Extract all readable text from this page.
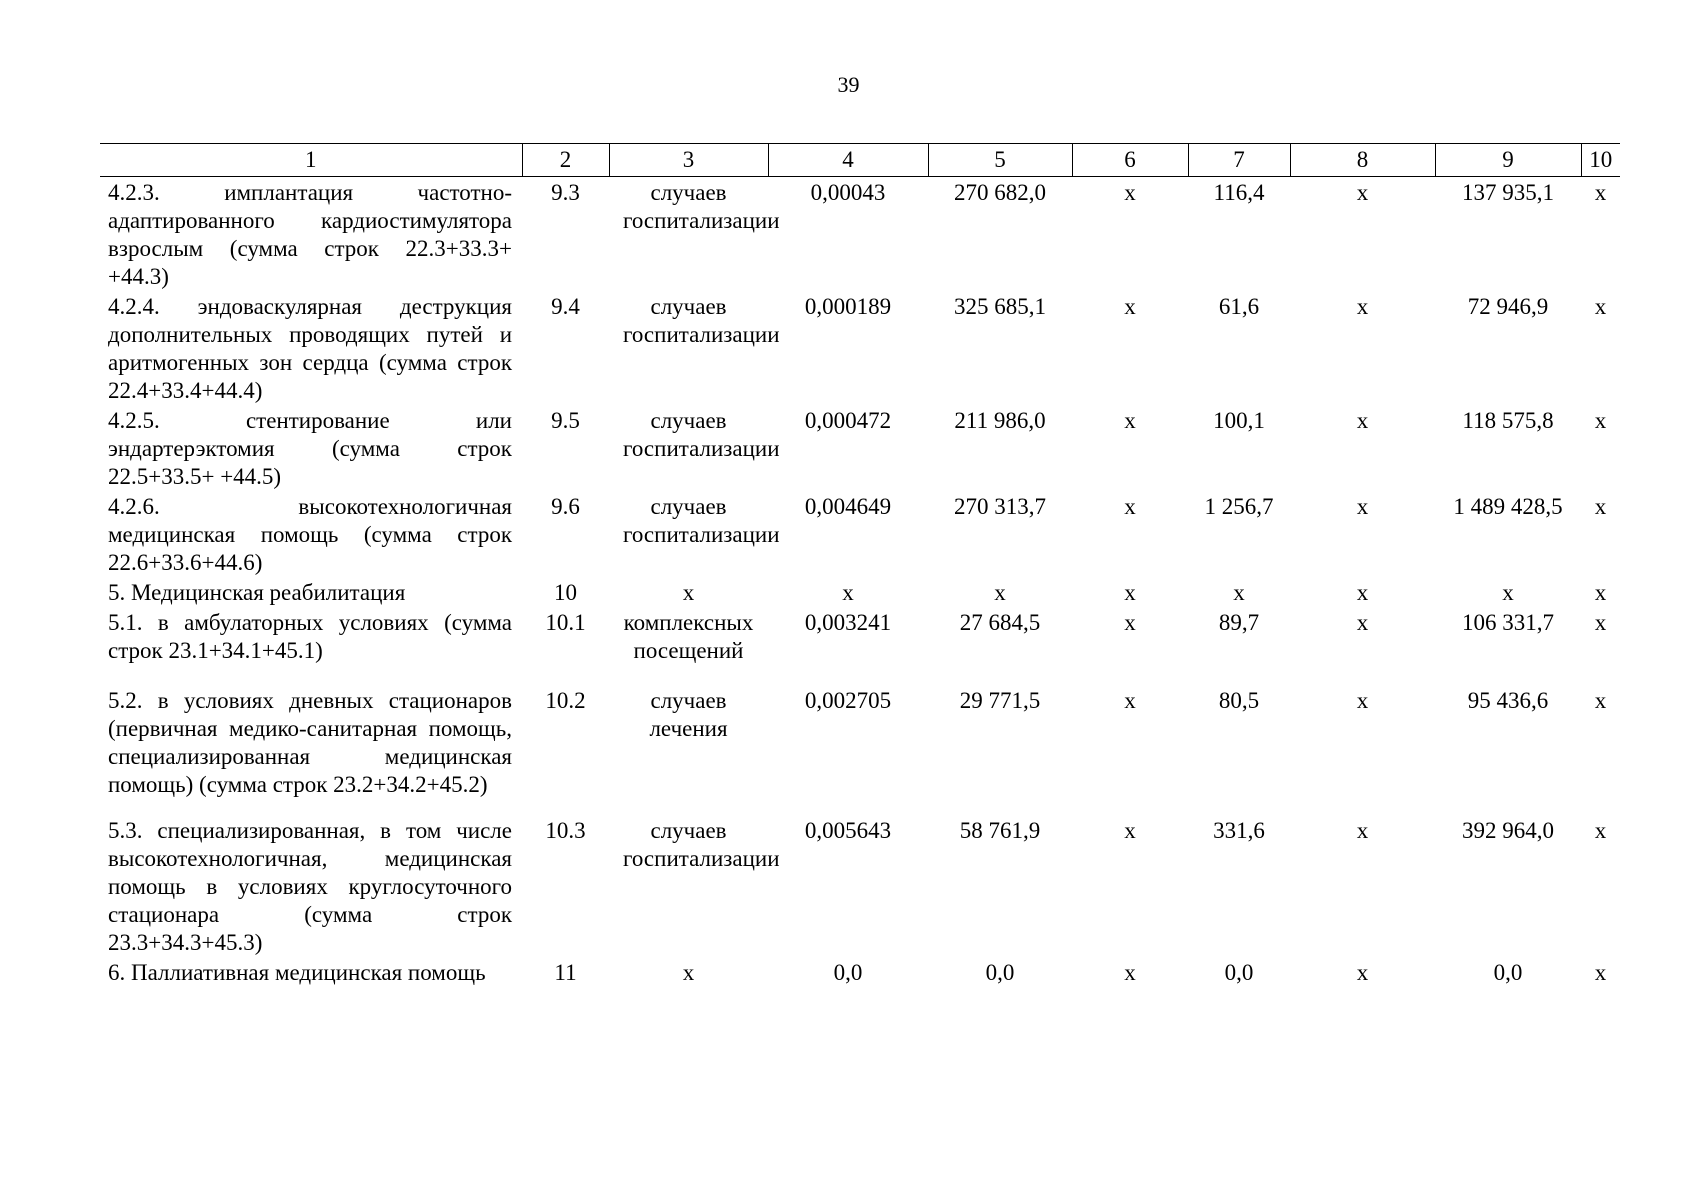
39
1	2	3	4	5	6	7	8	9	10
4.2.3. имплантация частотно-адаптированного кардиостимулятора взрослым (сумма строк 22.3+33.3+ +44.3)	9.3	случаев госпитализации	0,00043	270 682,0	х	116,4	х	137 935,1	х
4.2.4. эндоваскулярная деструкция дополнительных проводящих путей и аритмогенных зон сердца (сумма строк 22.4+33.4+44.4)	9.4	случаев госпитализации	0,000189	325 685,1	х	61,6	х	72 946,9	х
4.2.5. стентирование или эндартерэктомия (сумма строк 22.5+33.5+ +44.5)	9.5	случаев госпитализации	0,000472	211 986,0	х	100,1	х	118 575,8	х
4.2.6. высокотехнологичная медицинская помощь (сумма строк 22.6+33.6+44.6)	9.6	случаев госпитализации	0,004649	270 313,7	х	1 256,7	х	1 489 428,5	х
5. Медицинская реабилитация	10	х	х	х	х	х	х	х	х
5.1. в амбулаторных условиях (сумма строк 23.1+34.1+45.1)	10.1	комплексных посещений	0,003241	27 684,5	х	89,7	х	106 331,7	х
5.2. в условиях дневных стационаров (первичная медико-санитарная помощь, специализированная медицинская помощь) (сумма строк 23.2+34.2+45.2)	10.2	случаев лечения	0,002705	29 771,5	х	80,5	х	95 436,6	х
5.3. специализированная, в том числе высокотехнологичная, медицинская помощь в условиях круглосуточного стационара (сумма строк 23.3+34.3+45.3)	10.3	случаев госпитализации	0,005643	58 761,9	х	331,6	х	392 964,0	х
6. Паллиативная медицинская помощь	11	х	0,0	0,0	х	0,0	х	0,0	х
